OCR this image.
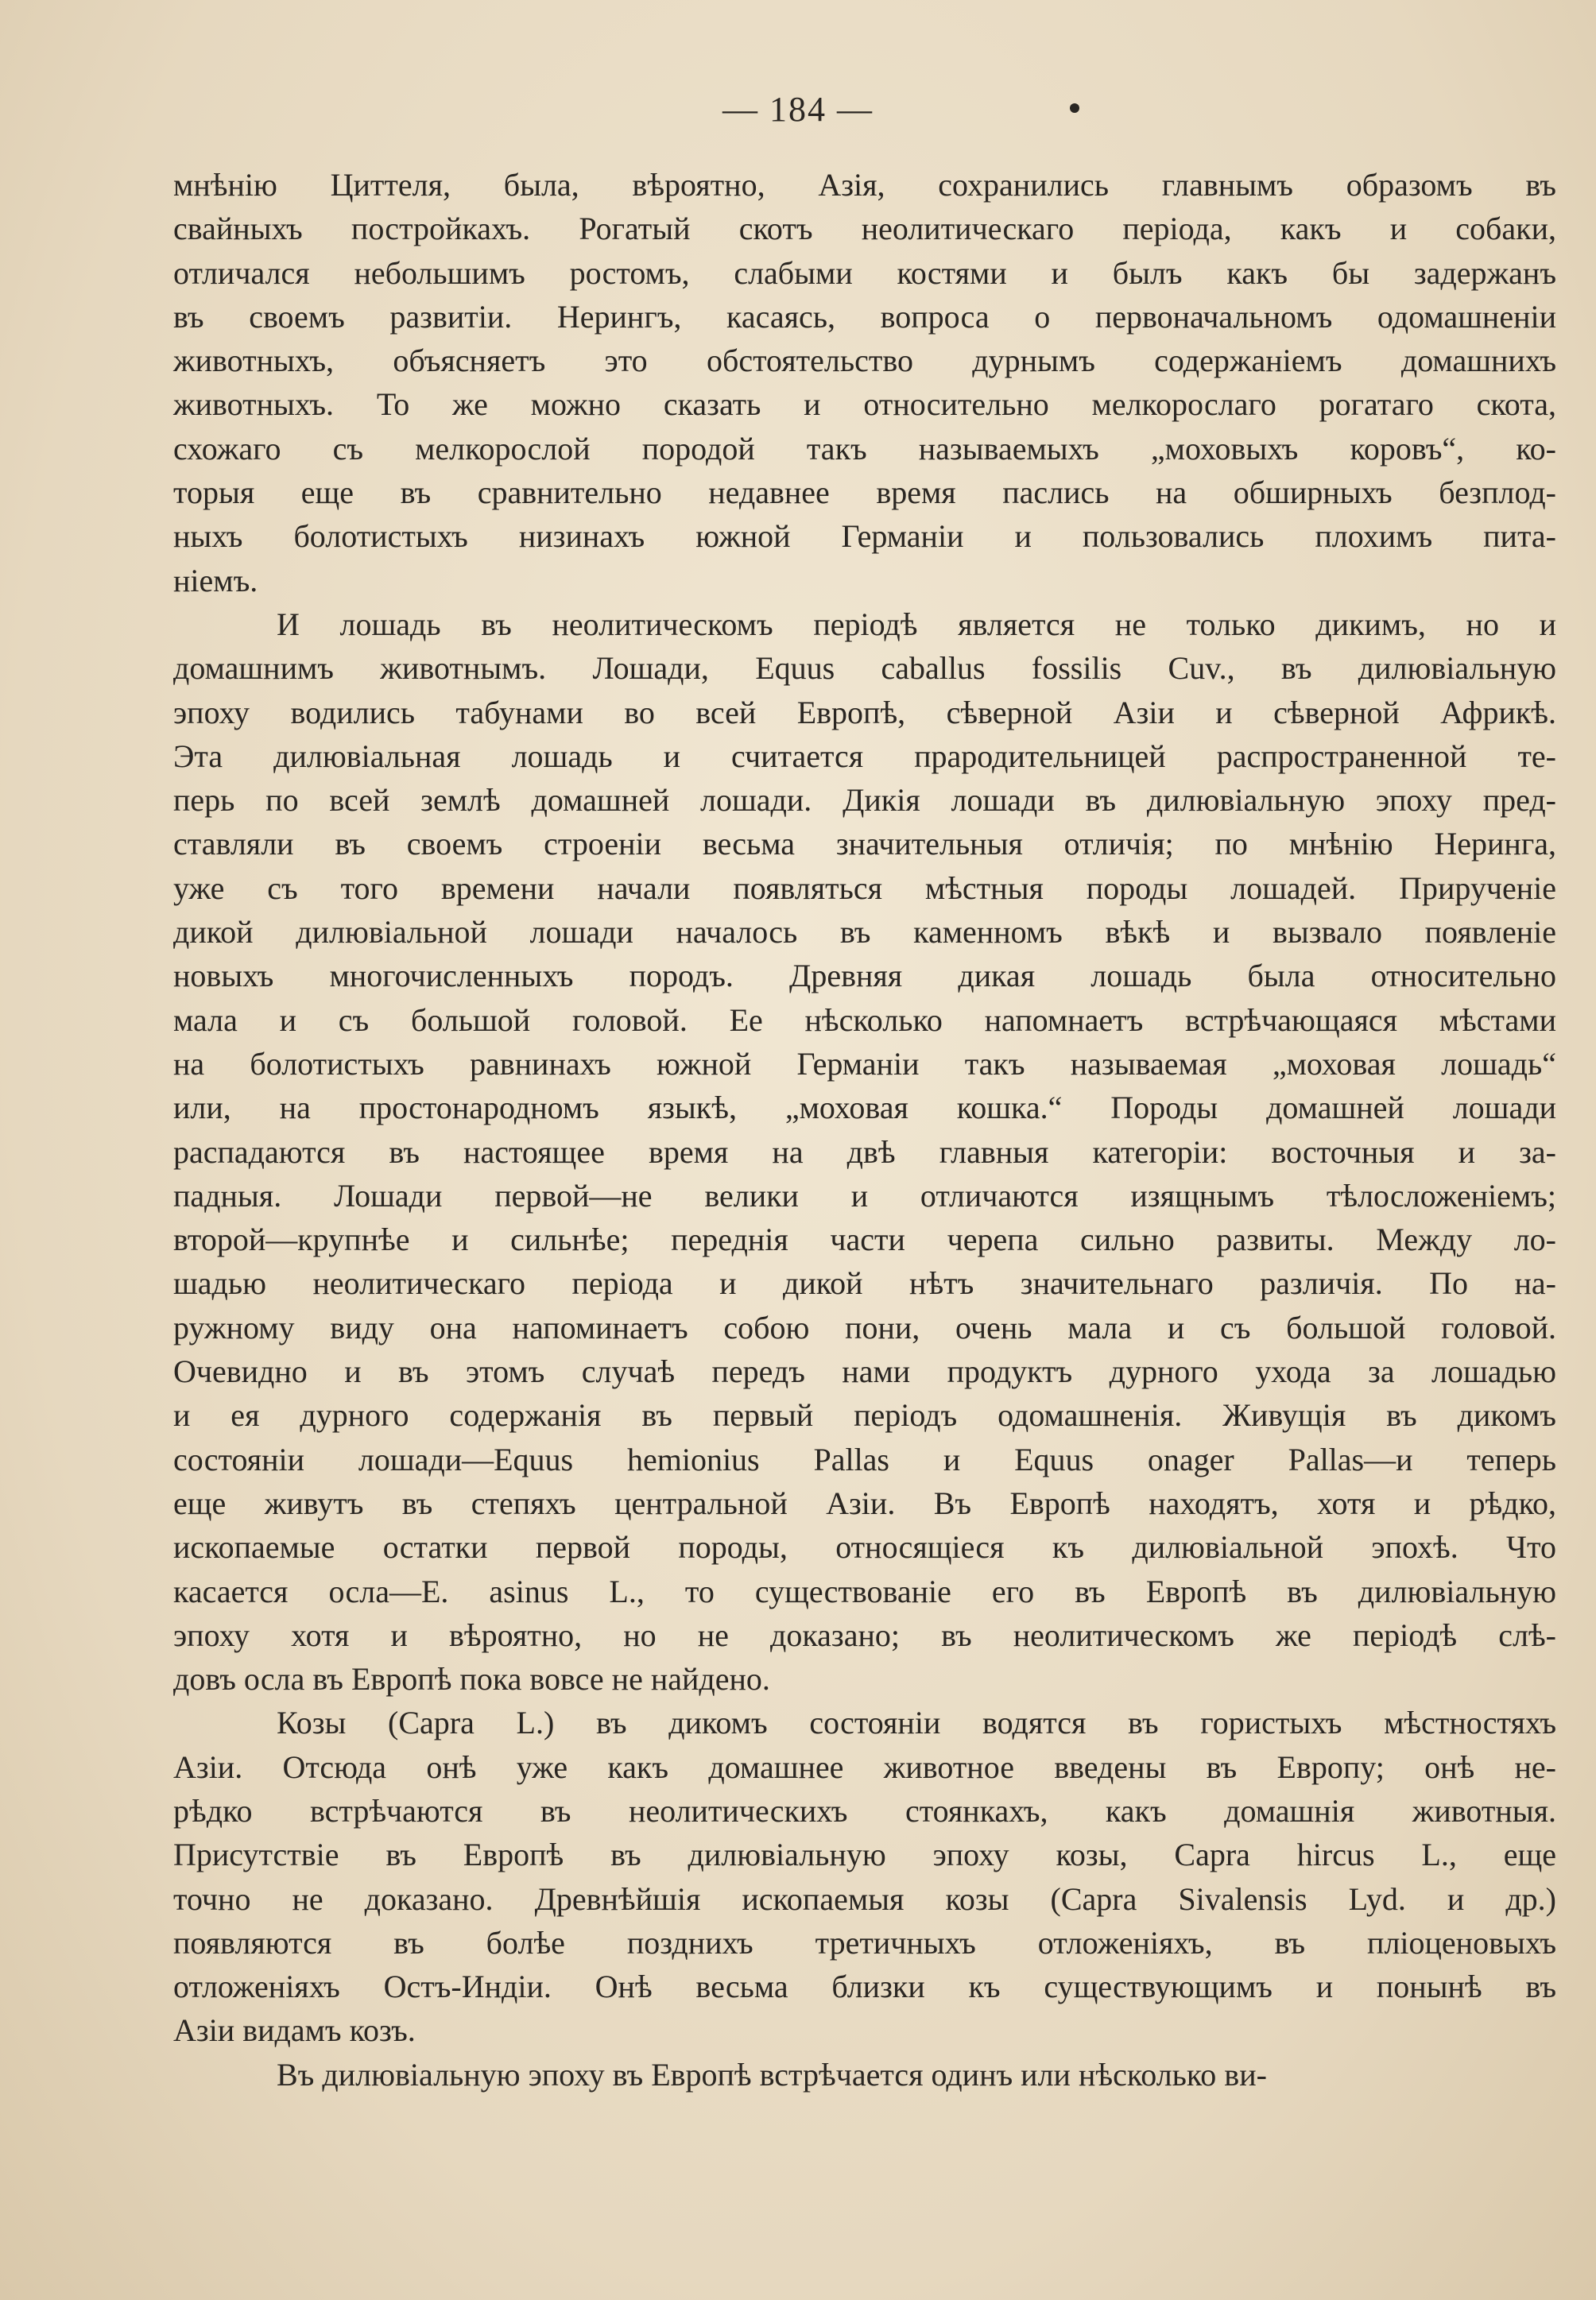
— 184 —
мнѣнію Циттеля, была, вѣроятно, Азія, сохранились главнымъ образомъ въ
свайныхъ постройкахъ. Рогатый скотъ неолитическаго періода, какъ и собаки,
отличался небольшимъ ростомъ, слабыми костями и былъ какъ бы задержанъ
въ своемъ развитіи. Нерингъ, касаясь, вопроса о первоначальномъ одомашненіи
животныхъ, объясняетъ это обстоятельство дурнымъ содержаніемъ домашнихъ
животныхъ. То же можно сказать и относительно мелкорослаго рогатаго скота,
схожаго съ мелкорослой породой такъ называемыхъ „моховыхъ коровъ“, ко-
торыя еще въ сравнительно недавнее время паслись на обширныхъ безплод-
ныхъ болотистыхъ низинахъ южной Германіи и пользовались плохимъ пита-
ніемъ.
И лошадь въ неолитическомъ періодѣ является не только дикимъ, но и
домашнимъ животнымъ. Лошади, Equus caballus fossilis Cuv., въ дилювіальную
эпоху водились табунами во всей Европѣ, сѣверной Азіи и сѣверной Африкѣ.
Эта дилювіальная лошадь и считается прародительницей распространенной те-
перь по всей землѣ домашней лошади. Дикія лошади въ дилювіальную эпоху пред-
ставляли въ своемъ строеніи весьма значительныя отличія; по мнѣнію Неринга,
уже съ того времени начали появляться мѣстныя породы лошадей. Прирученіе
дикой дилювіальной лошади началось въ каменномъ вѣкѣ и вызвало появленіе
новыхъ многочисленныхъ породъ. Древняя дикая лошадь была относительно
мала и съ большой головой. Ее нѣсколько напомнаетъ встрѣчающаяся мѣстами
на болотистыхъ равнинахъ южной Германіи такъ называемая „моховая лошадь“
или, на простонародномъ языкѣ, „моховая кошка.“ Породы домашней лошади
распадаются въ настоящее время на двѣ главныя категоріи: восточныя и за-
падныя. Лошади первой—не велики и отличаются изящнымъ тѣлосложеніемъ;
второй—крупнѣе и сильнѣе; переднія части черепа сильно развиты. Между ло-
шадью неолитическаго періода и дикой нѣтъ значительнаго различія. По на-
ружному виду она напоминаетъ собою пони, очень мала и съ большой головой.
Очевидно и въ этомъ случаѣ передъ нами продуктъ дурного ухода за лошадью
и ея дурного содержанія въ первый періодъ одомашненія. Живущія въ дикомъ
состояніи лошади—Equus hemionius Pallas и Equus onager Pallas—и теперь
еще живутъ въ степяхъ центральной Азіи. Въ Европѣ находятъ, хотя и рѣдко,
ископаемые остатки первой породы, относящіеся къ дилювіальной эпохѣ. Что
касается осла—E. asinus L., то существованіе его въ Европѣ въ дилювіальную
эпоху хотя и вѣроятно, но не доказано; въ неолитическомъ же періодѣ слѣ-
довъ осла въ Европѣ пока вовсе не найдено.
Козы (Capra L.) въ дикомъ состояніи водятся въ гористыхъ мѣстностяхъ
Азіи. Отсюда онѣ уже какъ домашнее животное введены въ Европу; онѣ не-
рѣдко встрѣчаются въ неолитическихъ стоянкахъ, какъ домашнія животныя.
Присутствіе въ Европѣ въ дилювіальную эпоху козы, Capra hircus L., еще
точно не доказано. Древнѣйшія ископаемыя козы (Capra Sivalensis Lyd. и др.)
появляются въ болѣе позднихъ третичныхъ отложеніяхъ, въ пліоценовыхъ
отложеніяхъ Остъ-Индіи. Онѣ весьма близки къ существующимъ и понынѣ въ
Азіи видамъ козъ.
Въ дилювіальную эпоху въ Европѣ встрѣчается одинъ или нѣсколько ви-
